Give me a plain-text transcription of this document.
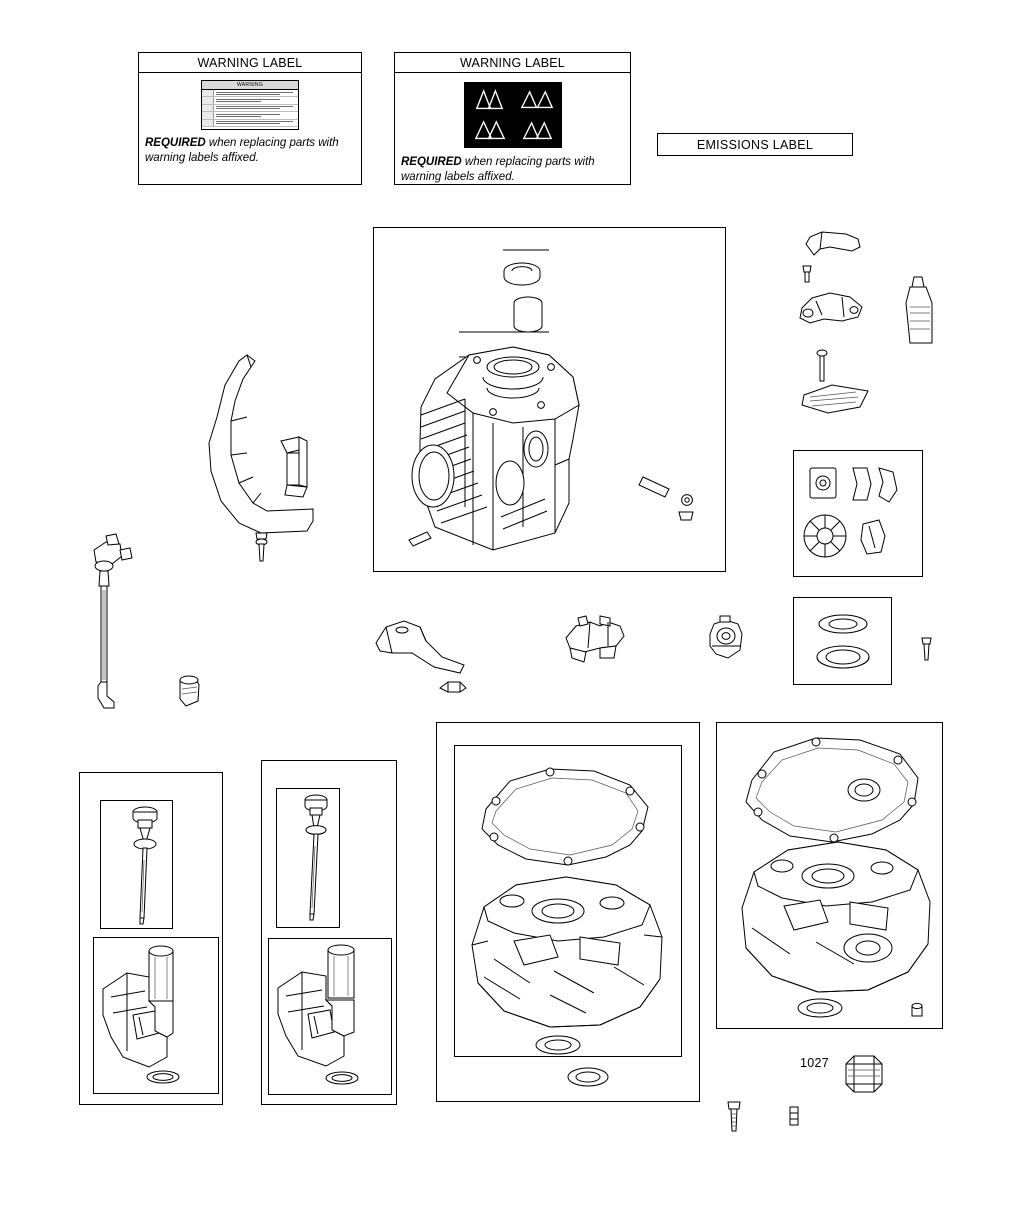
WARNING LABEL
WARNING
REQUIRED when replacing parts with warning labels affixed.
WARNING LABEL
REQUIRED when replacing parts with warning labels affixed.
EMISSIONS LABEL
1027
